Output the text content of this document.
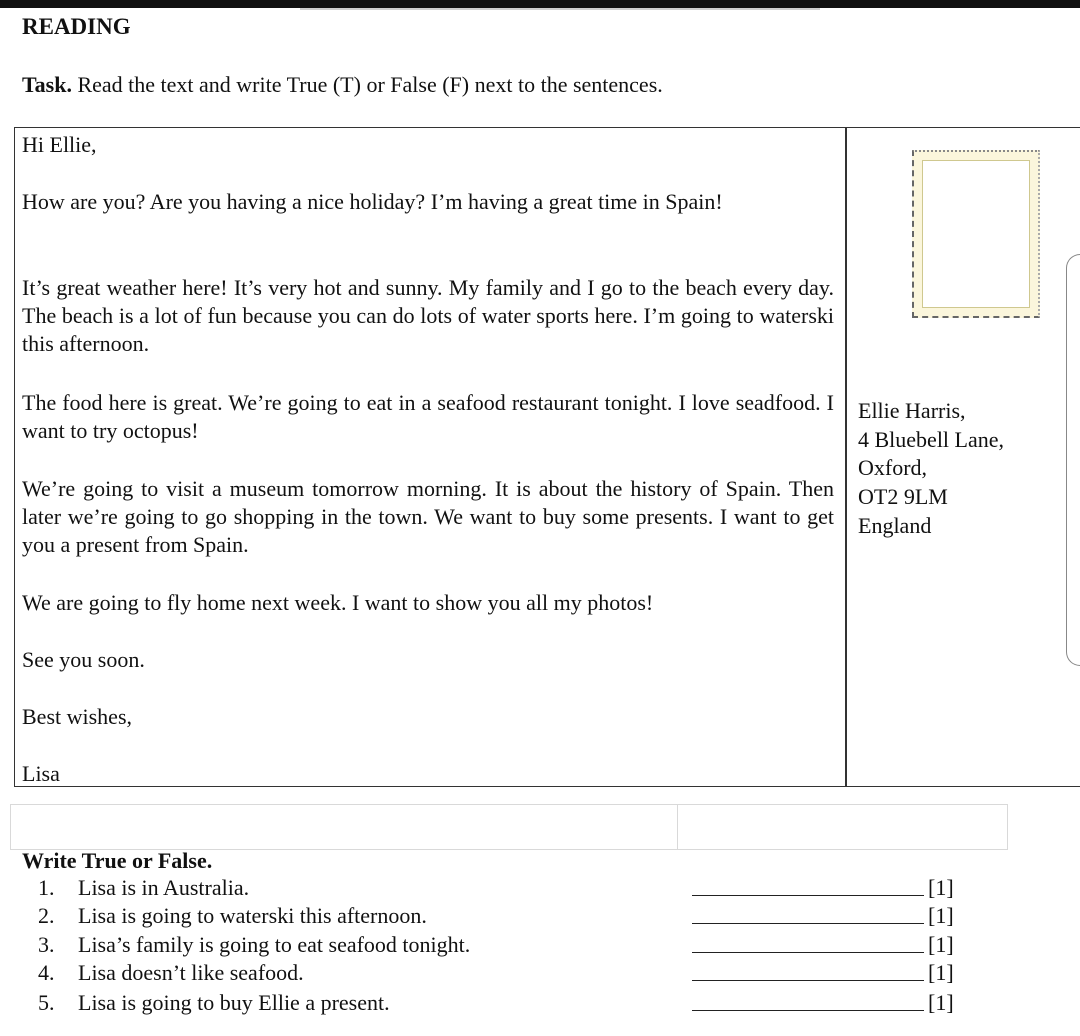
READING
Task. Read the text and write True (T) or False (F) next to the sentences.
Hi Ellie,
How are you? Are you having a nice holiday? I’m having a great time in Spain!
It’s great weather here! It’s very hot and sunny. My family and I go to the beach every day. The beach is a lot of fun because you can do lots of water sports here. I’m going to waterski this afternoon.
The food here is great. We’re going to eat in a seafood restaurant tonight. I love seadfood. I want to try octopus!
We’re going to visit a museum tomorrow morning. It is about the history of Spain. Then later we’re going to go shopping in the town. We want to buy some presents. I want to get you a present from Spain.
We are going to fly home next week. I want to show you all my photos!
See you soon.
Best wishes,
Lisa
Ellie Harris,
4 Bluebell Lane,
Oxford,
OT2 9LM
England
Write True or False.
1. Lisa is in Australia.	[1]
2. Lisa is going to waterski this afternoon.	[1]
3. Lisa’s family is going to eat seafood tonight.	[1]
4. Lisa doesn’t like seafood.	[1]
5. Lisa is going to buy Ellie a present.	[1]
